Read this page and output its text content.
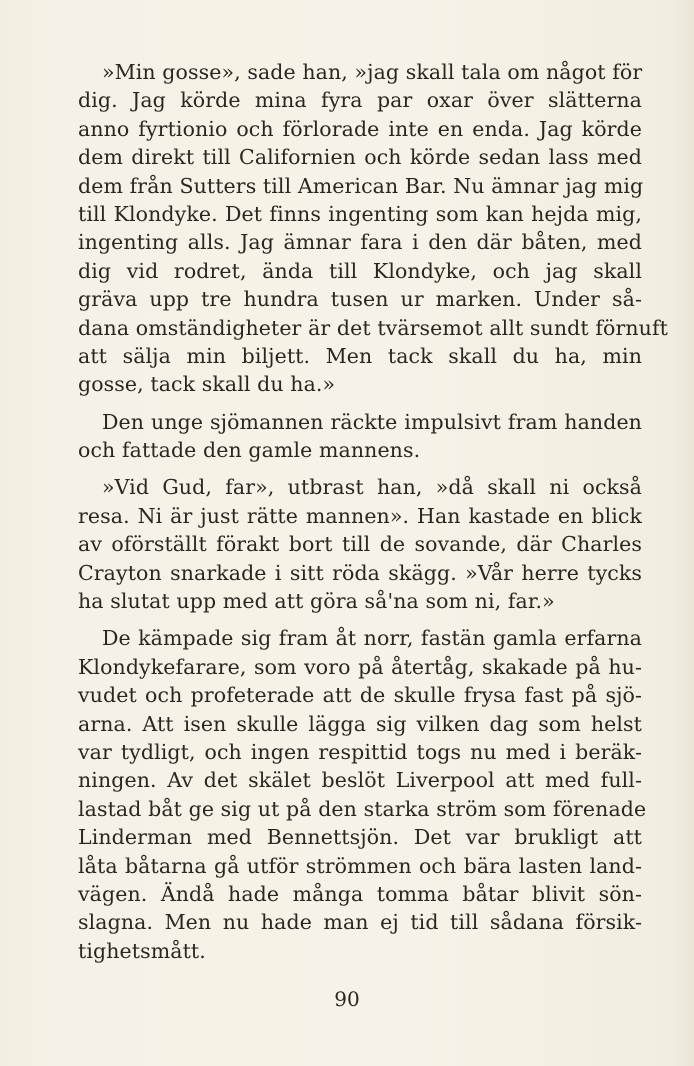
»Min gosse», sade han, »jag skall tala om något för
dig. Jag körde mina fyra par oxar över slätterna
anno fyrtionio och förlorade inte en enda. Jag körde
dem direkt till Californien och körde sedan lass med
dem från Sutters till American Bar. Nu ämnar jag mig
till Klondyke. Det finns ingenting som kan hejda mig,
ingenting alls. Jag ämnar fara i den där båten, med
dig vid rodret, ända till Klondyke, och jag skall
gräva upp tre hundra tusen ur marken. Under så-
dana omständigheter är det tvärsemot allt sundt förnuft
att sälja min biljett. Men tack skall du ha, min
gosse, tack skall du ha.»
Den unge sjömannen räckte impulsivt fram handen
och fattade den gamle mannens.
»Vid Gud, far», utbrast han, »då skall ni också
resa. Ni är just rätte mannen». Han kastade en blick
av oförställt förakt bort till de sovande, där Charles
Crayton snarkade i sitt röda skägg. »Vår herre tycks
ha slutat upp med att göra så'na som ni, far.»
De kämpade sig fram åt norr, fastän gamla erfarna
Klondykefarare, som voro på återtåg, skakade på hu-
vudet och profeterade att de skulle frysa fast på sjö-
arna. Att isen skulle lägga sig vilken dag som helst
var tydligt, och ingen respittid togs nu med i beräk-
ningen. Av det skälet beslöt Liverpool att med full-
lastad båt ge sig ut på den starka ström som förenade
Linderman med Bennettsjön. Det var brukligt att
låta båtarna gå utför strömmen och bära lasten land-
vägen. Ändå hade många tomma båtar blivit sön-
slagna. Men nu hade man ej tid till sådana försik-
tighetsmått.
90
